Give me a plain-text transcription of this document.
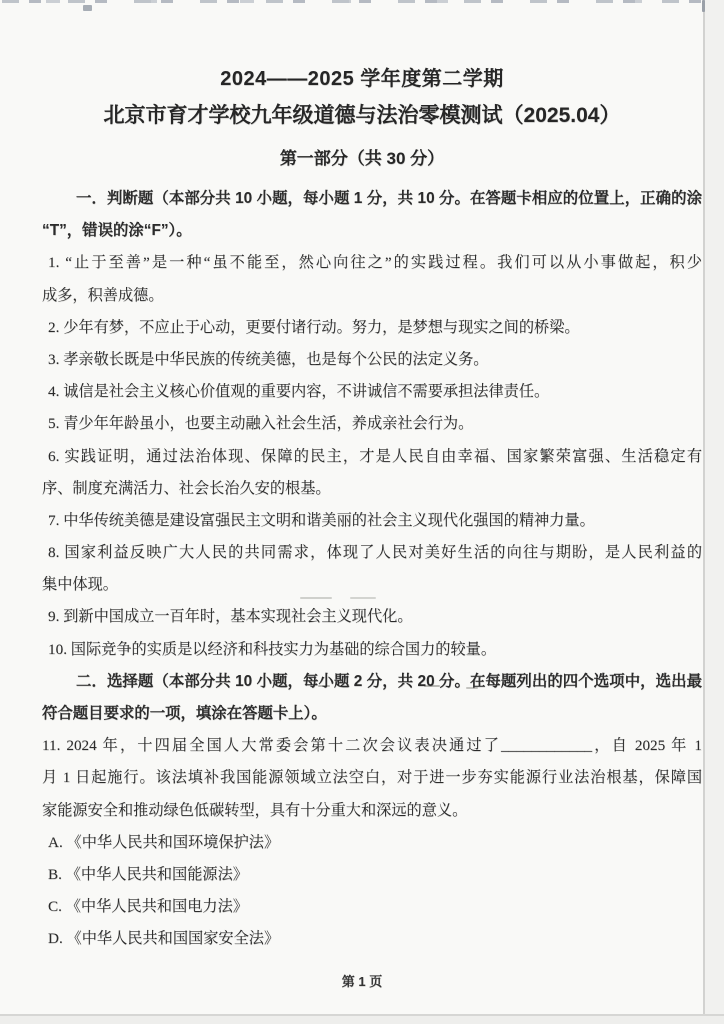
2024——2025 学年度第二学期
北京市育才学校九年级道德与法治零模测试（2025.04）
第一部分（共 30 分）
一．判断题（本部分共 10 小题，每小题 1 分，共 10 分。在答题卡相应的位置上，正确的涂
“T”，错误的涂“F”）。
1. “止于至善”是一种“虽不能至，然心向往之”的实践过程。我们可以从小事做起，积少
成多，积善成德。
2. 少年有梦，不应止于心动，更要付诸行动。努力，是梦想与现实之间的桥梁。
3. 孝亲敬长既是中华民族的传统美德，也是每个公民的法定义务。
4. 诚信是社会主义核心价值观的重要内容，不讲诚信不需要承担法律责任。
5. 青少年年龄虽小，也要主动融入社会生活，养成亲社会行为。
6. 实践证明，通过法治体现、保障的民主，才是人民自由幸福、国家繁荣富强、生活稳定有
序、制度充满活力、社会长治久安的根基。
7. 中华传统美德是建设富强民主文明和谐美丽的社会主义现代化强国的精神力量。
8. 国家利益反映广大人民的共同需求，体现了人民对美好生活的向往与期盼，是人民利益的
集中体现。
9. 到新中国成立一百年时，基本实现社会主义现代化。
10. 国际竞争的实质是以经济和科技实力为基础的综合国力的较量。
二．选择题（本部分共 10 小题，每小题 2 分，共 20 分。在每题列出的四个选项中，选出最
符合题目要求的一项，填涂在答题卡上）。
11. 2024 年，十四届全国人大常委会第十二次会议表决通过了____________，自 2025 年 1
月 1 日起施行。该法填补我国能源领域立法空白，对于进一步夯实能源行业法治根基，保障国
家能源安全和推动绿色低碳转型，具有十分重大和深远的意义。
A. 《中华人民共和国环境保护法》
B. 《中华人民共和国能源法》
C. 《中华人民共和国电力法》
D. 《中华人民共和国国家安全法》
第 1 页
